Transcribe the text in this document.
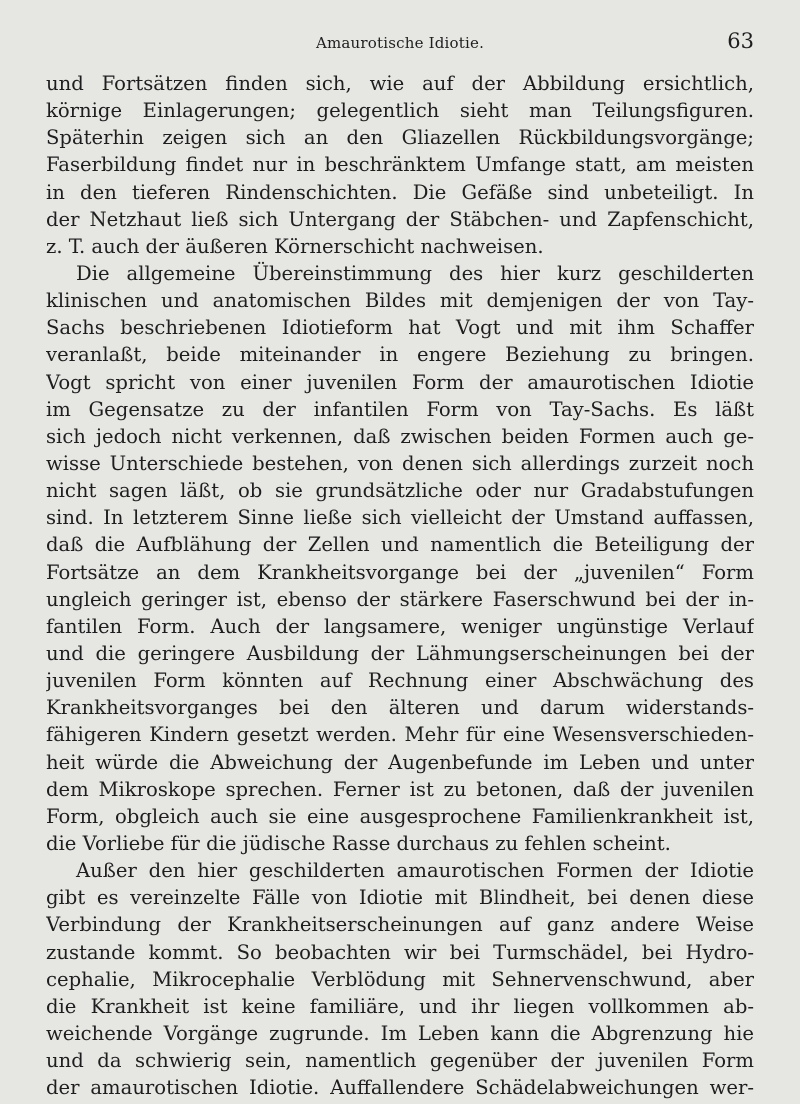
Amaurotische Idiotie.	63
und Fortsätzen finden sich, wie auf der Abbildung ersichtlich,
körnige Einlagerungen; gelegentlich sieht man Teilungsfiguren.
Späterhin zeigen sich an den Gliazellen Rückbildungsvorgänge;
Faserbildung findet nur in beschränktem Umfange statt, am meisten
in den tieferen Rindenschichten. Die Gefäße sind unbeteiligt. In
der Netzhaut ließ sich Untergang der Stäbchen- und Zapfenschicht,
z. T. auch der äußeren Körnerschicht nachweisen.
Die allgemeine Übereinstimmung des hier kurz geschilderten
klinischen und anatomischen Bildes mit demjenigen der von Tay-
Sachs beschriebenen Idiotieform hat Vogt und mit ihm Schaffer
veranlaßt, beide miteinander in engere Beziehung zu bringen.
Vogt spricht von einer juvenilen Form der amaurotischen Idiotie
im Gegensatze zu der infantilen Form von Tay-Sachs. Es läßt
sich jedoch nicht verkennen, daß zwischen beiden Formen auch ge-
wisse Unterschiede bestehen, von denen sich allerdings zurzeit noch
nicht sagen läßt, ob sie grundsätzliche oder nur Gradabstufungen
sind. In letzterem Sinne ließe sich vielleicht der Umstand auffassen,
daß die Aufblähung der Zellen und namentlich die Beteiligung der
Fortsätze an dem Krankheitsvorgange bei der „juvenilen“ Form
ungleich geringer ist, ebenso der stärkere Faserschwund bei der in-
fantilen Form. Auch der langsamere, weniger ungünstige Verlauf
und die geringere Ausbildung der Lähmungserscheinungen bei der
juvenilen Form könnten auf Rechnung einer Abschwächung des
Krankheitsvorganges bei den älteren und darum widerstands-
fähigeren Kindern gesetzt werden. Mehr für eine Wesensverschieden-
heit würde die Abweichung der Augenbefunde im Leben und unter
dem Mikroskope sprechen. Ferner ist zu betonen, daß der juvenilen
Form, obgleich auch sie eine ausgesprochene Familienkrankheit ist,
die Vorliebe für die jüdische Rasse durchaus zu fehlen scheint.
Außer den hier geschilderten amaurotischen Formen der Idiotie
gibt es vereinzelte Fälle von Idiotie mit Blindheit, bei denen diese
Verbindung der Krankheitserscheinungen auf ganz andere Weise
zustande kommt. So beobachten wir bei Turmschädel, bei Hydro-
cephalie, Mikrocephalie Verblödung mit Sehnervenschwund, aber
die Krankheit ist keine familiäre, und ihr liegen vollkommen ab-
weichende Vorgänge zugrunde. Im Leben kann die Abgrenzung hie
und da schwierig sein, namentlich gegenüber der juvenilen Form
der amaurotischen Idiotie. Auffallendere Schädelabweichungen wer-
